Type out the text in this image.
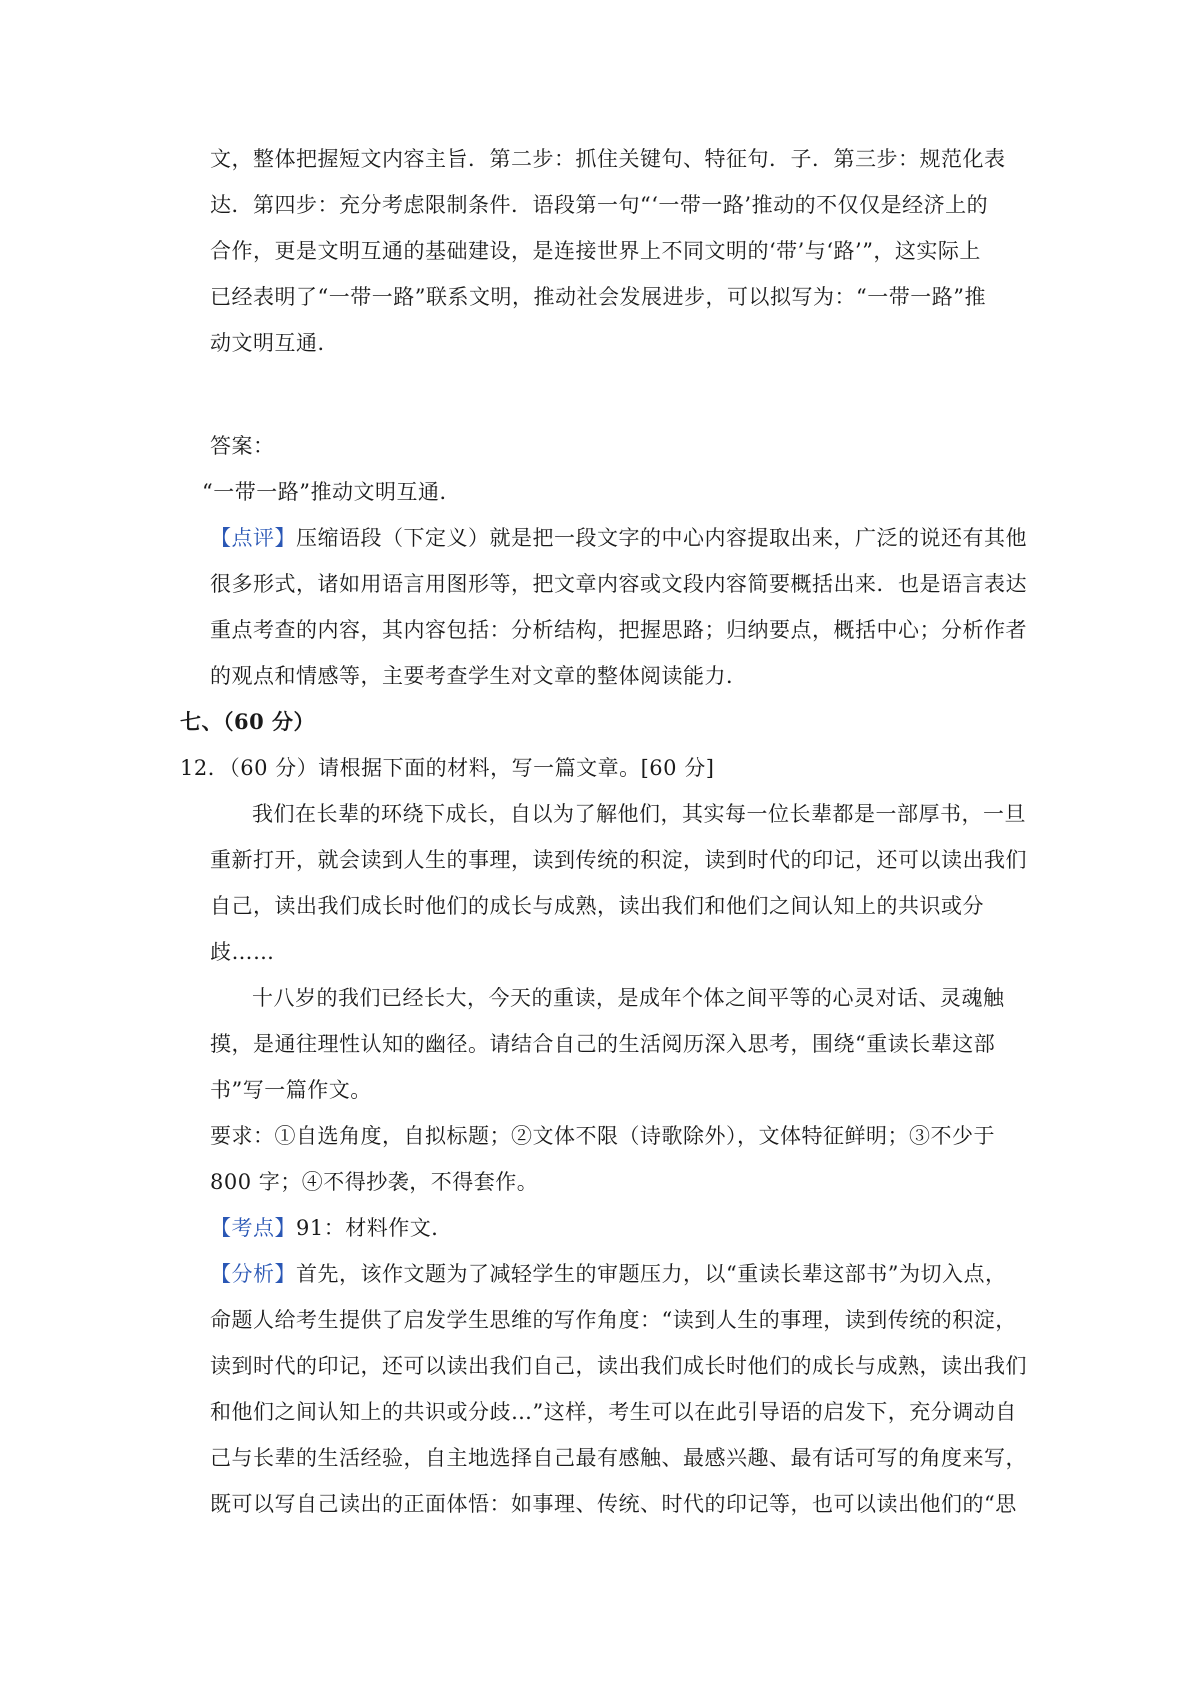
文，整体把握短文内容主旨．第二步：抓住关键句、特征句．子．第三步：规范化表
达．第四步：充分考虑限制条件．语段第一句“‘一带一路’推动的不仅仅是经济上的
合作，更是文明互通的基础建设，是连接世界上不同文明的‘带’与‘路’”，这实际上
已经表明了“一带一路”联系文明，推动社会发展进步，可以拟写为：“一带一路”推
动文明互通．
答案：
“一带一路”推动文明互通．
【点评】压缩语段（下定义）就是把一段文字的中心内容提取出来，广泛的说还有其他
很多形式，诸如用语言用图形等，把文章内容或文段内容简要概括出来．也是语言表达
重点考查的内容，其内容包括：分析结构，把握思路；归纳要点，概括中心；分析作者
的观点和情感等，主要考查学生对文章的整体阅读能力．
七、（60 分）
12．（60 分）请根据下面的材料，写一篇文章。[60 分]
我们在长辈的环绕下成长，自以为了解他们，其实每一位长辈都是一部厚书，一旦
重新打开，就会读到人生的事理，读到传统的积淀，读到时代的印记，还可以读出我们
自己，读出我们成长时他们的成长与成熟，读出我们和他们之间认知上的共识或分
歧……
十八岁的我们已经长大，今天的重读，是成年个体之间平等的心灵对话、灵魂触
摸，是通往理性认知的幽径。请结合自己的生活阅历深入思考，围绕“重读长辈这部
书”写一篇作文。
要求：①自选角度，自拟标题；②文体不限（诗歌除外），文体特征鲜明；③不少于
800 字；④不得抄袭，不得套作。
【考点】91：材料作文．
【分析】首先，该作文题为了减轻学生的审题压力，以“重读长辈这部书”为切入点，
命题人给考生提供了启发学生思维的写作角度：“读到人生的事理，读到传统的积淀，
读到时代的印记，还可以读出我们自己，读出我们成长时他们的成长与成熟，读出我们
和他们之间认知上的共识或分歧…”这样，考生可以在此引导语的启发下，充分调动自
己与长辈的生活经验，自主地选择自己最有感触、最感兴趣、最有话可写的角度来写，
既可以写自己读出的正面体悟：如事理、传统、时代的印记等，也可以读出他们的“思
